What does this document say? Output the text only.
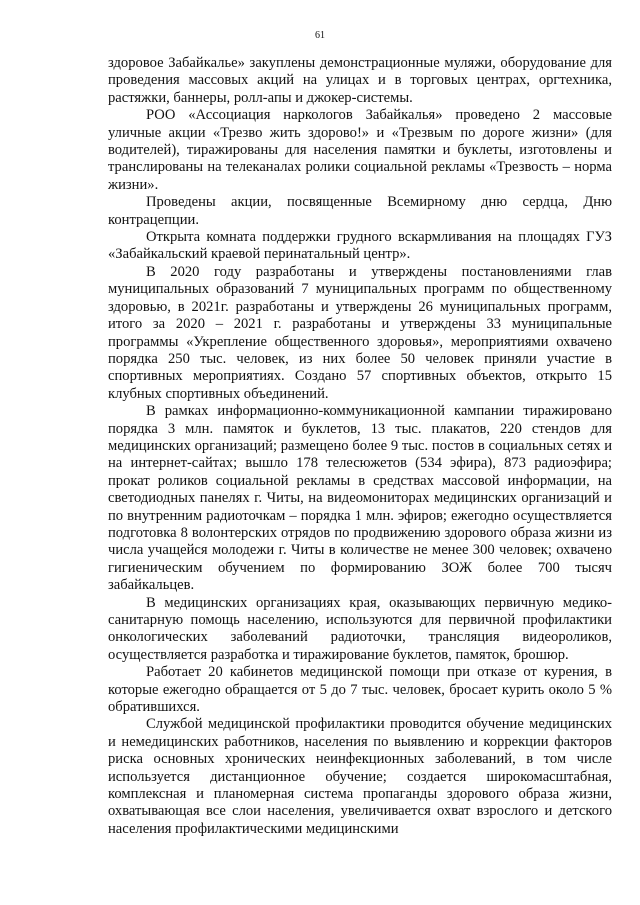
61

здоровое Забайкалье» закуплены демонстрационные муляжи, оборудование для проведения массовых акций на улицах и в торговых центрах, оргтехника, растяжки, баннеры, ролл-апы и джокер-системы.

РОО «Ассоциация наркологов Забайкалья» проведено 2 массовые уличные акции «Трезво жить здорово!» и «Трезвым по дороге жизни» (для водителей), тиражированы для населения памятки и буклеты, изготовлены и транслированы на телеканалах ролики социальной рекламы «Трезвость – норма жизни».

Проведены акции, посвященные Всемирному дню сердца, Дню контрацепции.

Открыта комната поддержки грудного вскармливания на площадях ГУЗ «Забайкальский краевой перинатальный центр».

В 2020 году разработаны и утверждены постановлениями глав муниципальных образований 7 муниципальных программ по общественному здоровью, в 2021г. разработаны и утверждены 26 муниципальных программ, итого за 2020 – 2021 г. разработаны и утверждены 33 муниципальные программы «Укрепление общественного здоровья», мероприятиями охвачено порядка 250 тыс. человек, из них более 50 человек приняли участие в спортивных мероприятиях. Создано 57 спортивных объектов, открыто 15 клубных спортивных объединений.

В рамках информационно-коммуникационной кампании тиражировано порядка 3 млн. памяток и буклетов, 13 тыс. плакатов, 220 стендов для медицинских организаций; размещено более 9 тыс. постов в социальных сетях и на интернет-сайтах; вышло 178 телесюжетов (534 эфира), 873 радиоэфира; прокат роликов социальной рекламы в средствах массовой информации, на светодиодных панелях г. Читы, на видеомониторах медицинских организаций и по внутренним радиоточкам – порядка 1 млн. эфиров; ежегодно осуществляется подготовка 8 волонтерских отрядов по продвижению здорового образа жизни из числа учащейся молодежи г. Читы в количестве не менее 300 человек; охвачено гигиеническим обучением по формированию ЗОЖ более 700 тысяч забайкальцев.

В медицинских организациях края, оказывающих первичную медико-санитарную помощь населению, используются для первичной профилактики онкологических заболеваний радиоточки, трансляция видеороликов, осуществляется разработка и тиражирование буклетов, памяток, брошюр.

Работает 20 кабинетов медицинской помощи при отказе от курения, в которые ежегодно обращается от 5 до 7 тыс. человек, бросает курить около 5 % обратившихся.

Службой медицинской профилактики проводится обучение медицинских и немедицинских работников, населения по выявлению и коррекции факторов риска основных хронических неинфекционных заболеваний, в том числе используется дистанционное обучение; создается широкомасштабная, комплексная и планомерная система пропаганды здорового образа жизни, охватывающая все слои населения, увеличивается охват взрослого и детского населения профилактическими медицинскими
